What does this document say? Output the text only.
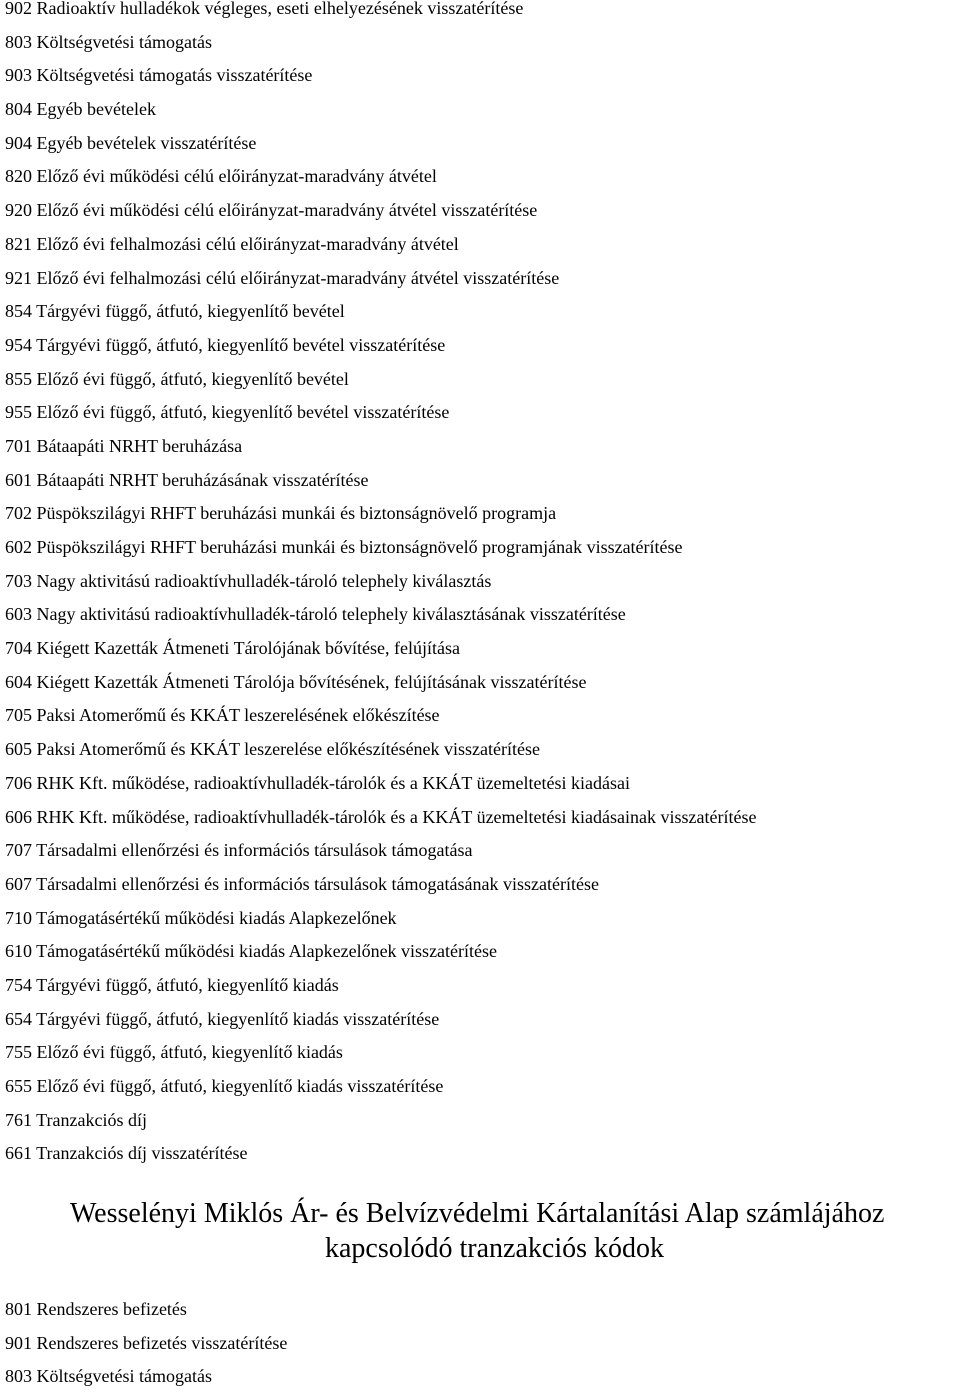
902 Radioaktív hulladékok végleges, eseti elhelyezésének visszatérítése
803 Költségvetési támogatás
903 Költségvetési támogatás visszatérítése
804 Egyéb bevételek
904 Egyéb bevételek visszatérítése
820 Előző évi működési célú előirányzat-maradvány átvétel
920 Előző évi működési célú előirányzat-maradvány átvétel visszatérítése
821 Előző évi felhalmozási célú előirányzat-maradvány átvétel
921 Előző évi felhalmozási célú előirányzat-maradvány átvétel visszatérítése
854 Tárgyévi függő, átfutó, kiegyenlítő bevétel
954 Tárgyévi függő, átfutó, kiegyenlítő bevétel visszatérítése
855 Előző évi függő, átfutó, kiegyenlítő bevétel
955 Előző évi függő, átfutó, kiegyenlítő bevétel visszatérítése
701 Bátaapáti NRHT beruházása
601 Bátaapáti NRHT beruházásának visszatérítése
702 Püspökszilágyi RHFT beruházási munkái és biztonságnövelő programja
602 Püspökszilágyi RHFT beruházási munkái és biztonságnövelő programjának visszatérítése
703 Nagy aktivitású radioaktívhulladék-tároló telephely kiválasztás
603 Nagy aktivitású radioaktívhulladék-tároló telephely kiválasztásának visszatérítése
704 Kiégett Kazetták Átmeneti Tárolójának bővítése, felújítása
604 Kiégett Kazetták Átmeneti Tárolója bővítésének, felújításának visszatérítése
705 Paksi Atomerőmű és KKÁT leszerelésének előkészítése
605 Paksi Atomerőmű és KKÁT leszerelése előkészítésének visszatérítése
706 RHK Kft. működése, radioaktívhulladék-tárolók és a KKÁT üzemeltetési kiadásai
606 RHK Kft. működése, radioaktívhulladék-tárolók és a KKÁT üzemeltetési kiadásainak visszatérítése
707 Társadalmi ellenőrzési és információs társulások támogatása
607 Társadalmi ellenőrzési és információs társulások támogatásának visszatérítése
710 Támogatásértékű működési kiadás Alapkezelőnek
610 Támogatásértékű működési kiadás Alapkezelőnek visszatérítése
754 Tárgyévi függő, átfutó, kiegyenlítő kiadás
654 Tárgyévi függő, átfutó, kiegyenlítő kiadás visszatérítése
755 Előző évi függő, átfutó, kiegyenlítő kiadás
655 Előző évi függő, átfutó, kiegyenlítő kiadás visszatérítése
761 Tranzakciós díj
661 Tranzakciós díj visszatérítése
Wesselényi Miklós Ár- és Belvízvédelmi Kártalanítási Alap számlájához
kapcsolódó tranzakciós kódok
801 Rendszeres befizetés
901 Rendszeres befizetés visszatérítése
803 Költségvetési támogatás
